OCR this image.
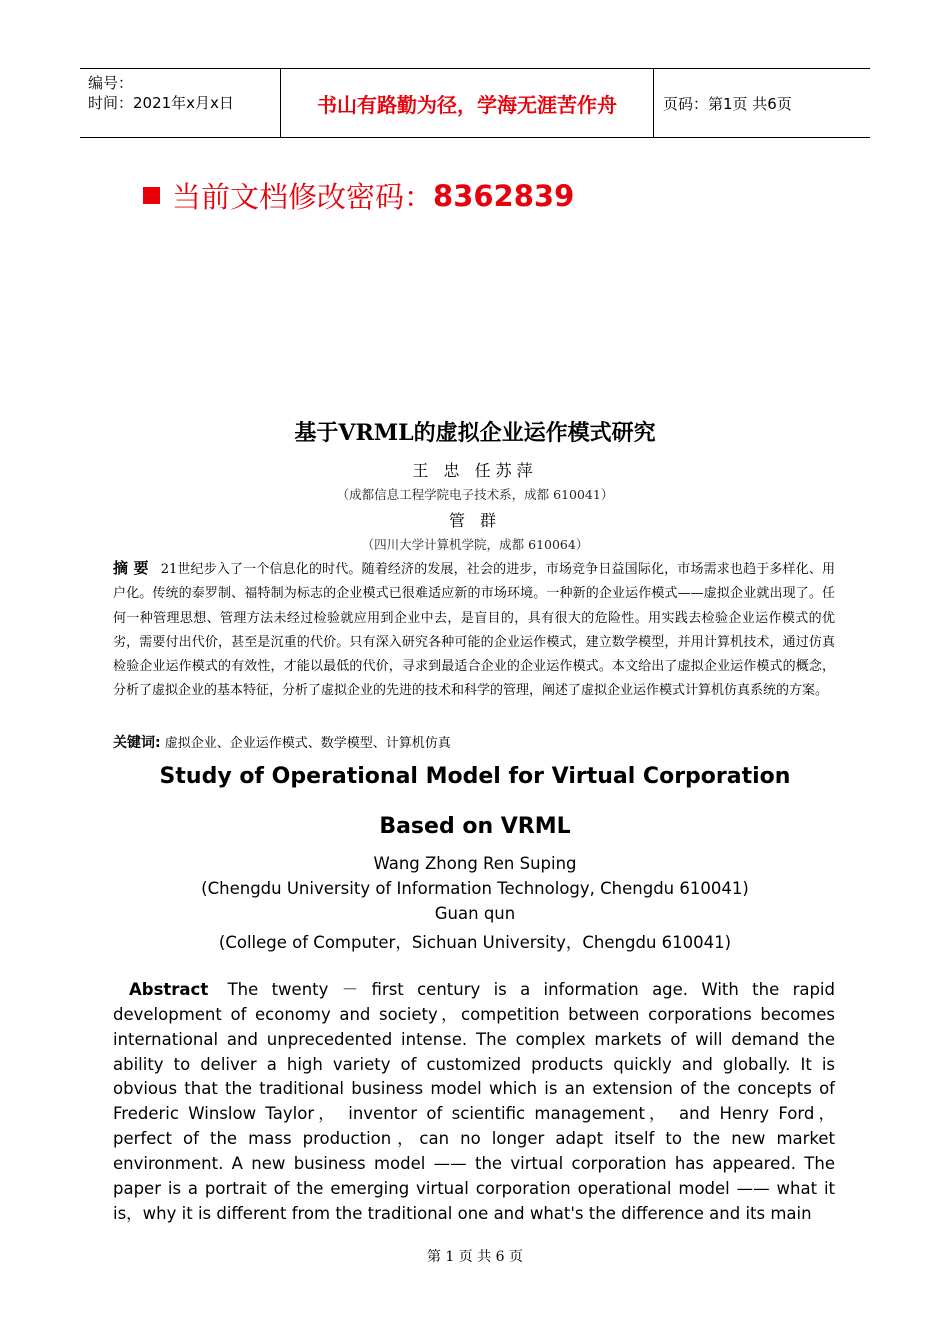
编号：
时间：2021年x月x日	书山有路勤为径，学海无涯苦作舟	页码：第1页 共6页
当前文档修改密码： 8362839
基于VRML的虚拟企业运作模式研究
王 忠 任苏萍
（成都信息工程学院电子技术系，成都 610041）
管 群
（四川大学计算机学院，成都 610064）
摘 要 21世纪步入了一个信息化的时代。随着经济的发展，社会的进步，市场竞争日益国际化，市场需求也趋于多样化、用户化。传统的泰罗制、福特制为标志的企业模式已很难适应新的市场环境。一种新的企业运作模式——虚拟企业就出现了。任何一种管理思想、管理方法未经过检验就应用到企业中去，是盲目的，具有很大的危险性。用实践去检验企业运作模式的优劣，需要付出代价，甚至是沉重的代价。只有深入研究各种可能的企业运作模式，建立数学模型，并用计算机技术，通过仿真检验企业运作模式的有效性，才能以最低的代价，寻求到最适合企业的企业运作模式。本文给出了虚拟企业运作模式的概念，分析了虚拟企业的基本特征，分析了虚拟企业的先进的技术和科学的管理，阐述了虚拟企业运作模式计算机仿真系统的方案。
关键词: 虚拟企业、企业运作模式、数学模型、计算机仿真
Study of Operational Model for Virtual Corporation
Based on VRML
Wang Zhong Ren Suping
(Chengdu University of Information Technology, Chengdu 610041)
Guan qun
(College of Computer，Sichuan University，Chengdu 610041)
Abstract The twenty － first century is a information age. With the rapid development of economy and society，competition between corporations becomes international and unprecedented intense. The complex markets of will demand the ability to deliver a high variety of customized products quickly and globally. It is obvious that the traditional business model which is an extension of the concepts of Frederic Winslow Taylor， inventor of scientific management， and Henry Ford，perfect of the mass production，can no longer adapt itself to the new market environment. A new business model —— the virtual corporation has appeared. The paper is a portrait of the emerging virtual corporation operational model —— what it is，why it is different from the traditional one and what's the difference and its main
第 1 页 共 6 页
